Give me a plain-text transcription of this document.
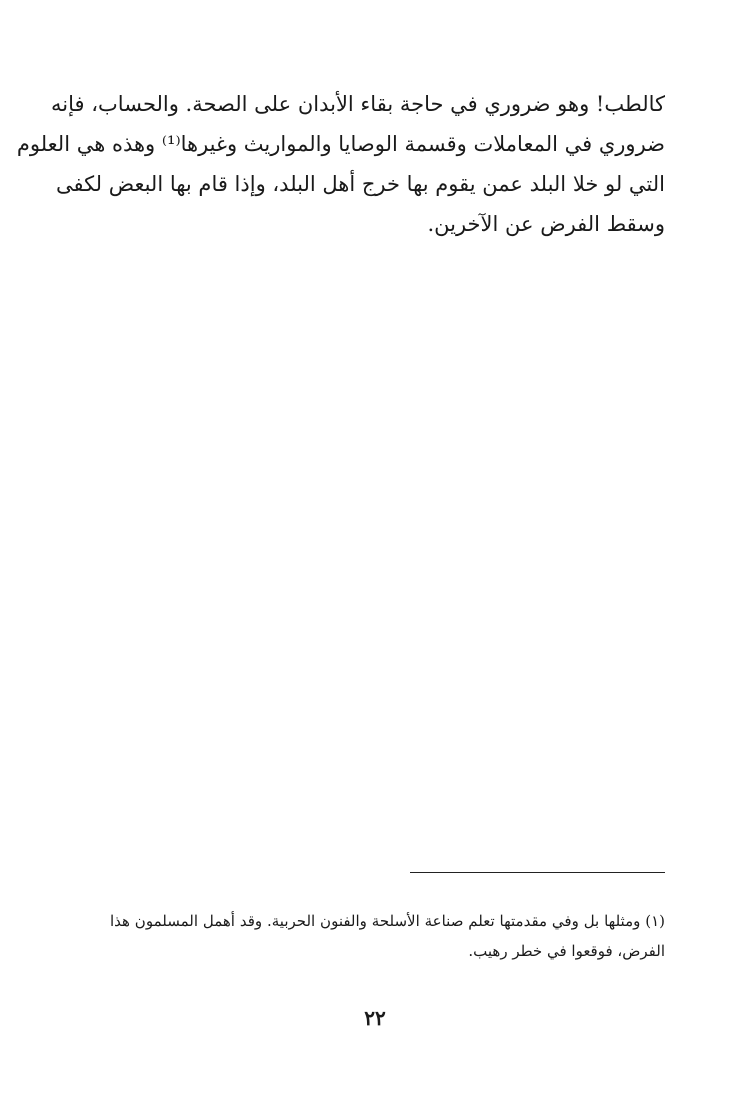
كالطب! وهو ضروري في حاجة بقاء الأبدان على الصحة. والحساب، فإنه
ضروري في المعاملات وقسمة الوصايا والمواريث وغيرها⁽¹⁾ وهذه هي العلوم
التي لو خلا البلد عمن يقوم بها خرج أهل البلد، وإذا قام بها البعض لكفى
وسقط الفرض عن الآخرين.
(١) ومثلها بل وفي مقدمتها تعلم صناعة الأسلحة والفنون الحربية. وقد أهمل المسلمون هذا
الفرض، فوقعوا في خطر رهيب.
٢٢
